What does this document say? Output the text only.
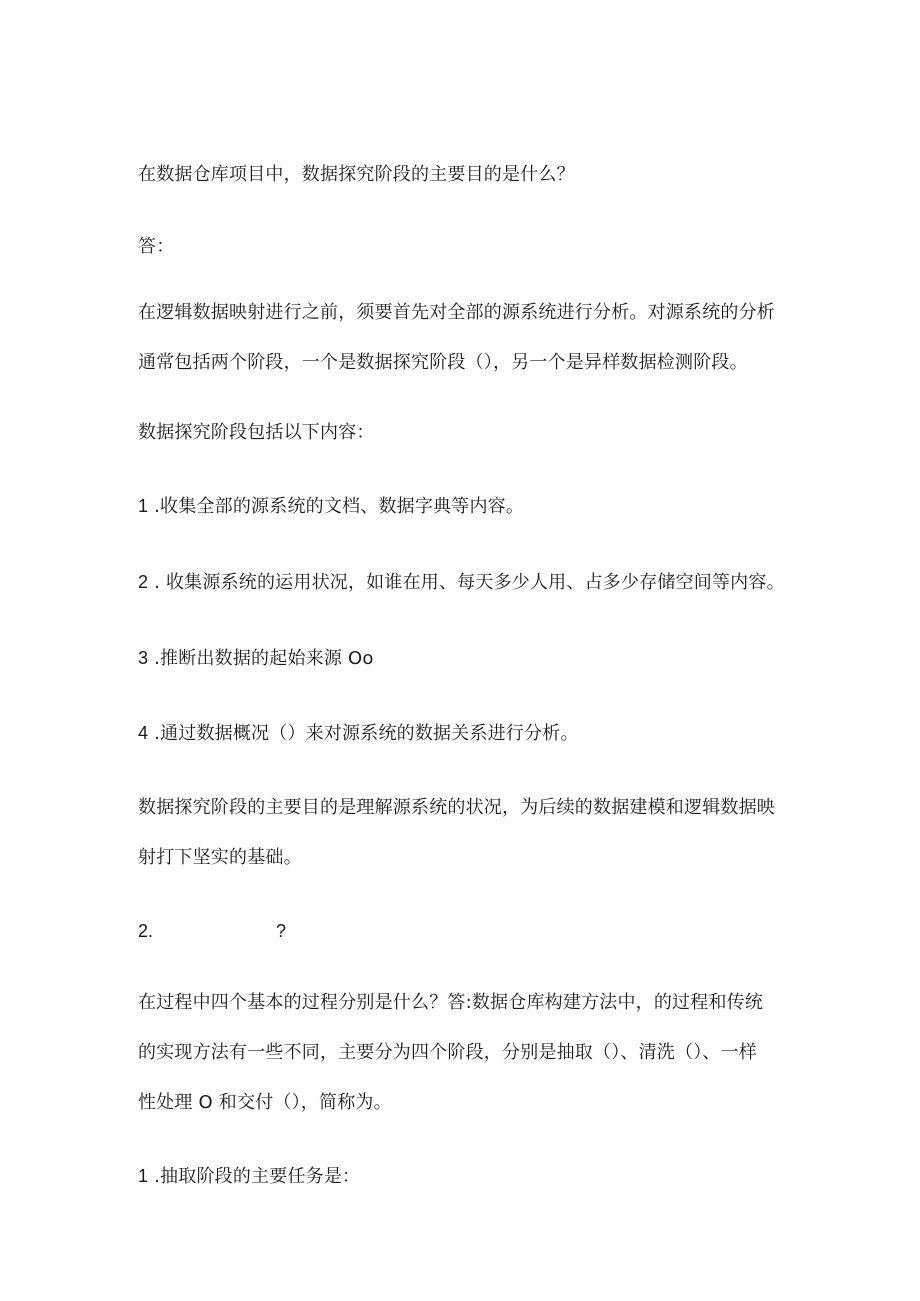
在数据仓库项目中，数据探究阶段的主要目的是什么？
答：
在逻辑数据映射进行之前，须要首先对全部的源系统进行分析。对源系统的分析
通常包括两个阶段，一个是数据探究阶段（），另一个是异样数据检测阶段。
数据探究阶段包括以下内容：
1 .收集全部的源系统的文档、数据字典等内容。
2 . 收集源系统的运用状况，如谁在用、每天多少人用、占多少存储空间等内容。
3 .推断出数据的起始来源 Oo
4 .通过数据概况（）来对源系统的数据关系进行分析。
数据探究阶段的主要目的是理解源系统的状况，为后续的数据建模和逻辑数据映
射打下坚实的基础。
2.	?
在过程中四个基本的过程分别是什么？答:数据仓库构建方法中，的过程和传统
的实现方法有一些不同，主要分为四个阶段，分别是抽取（）、清洗（）、一样
性处理 O 和交付（），简称为。
1 .抽取阶段的主要任务是：
